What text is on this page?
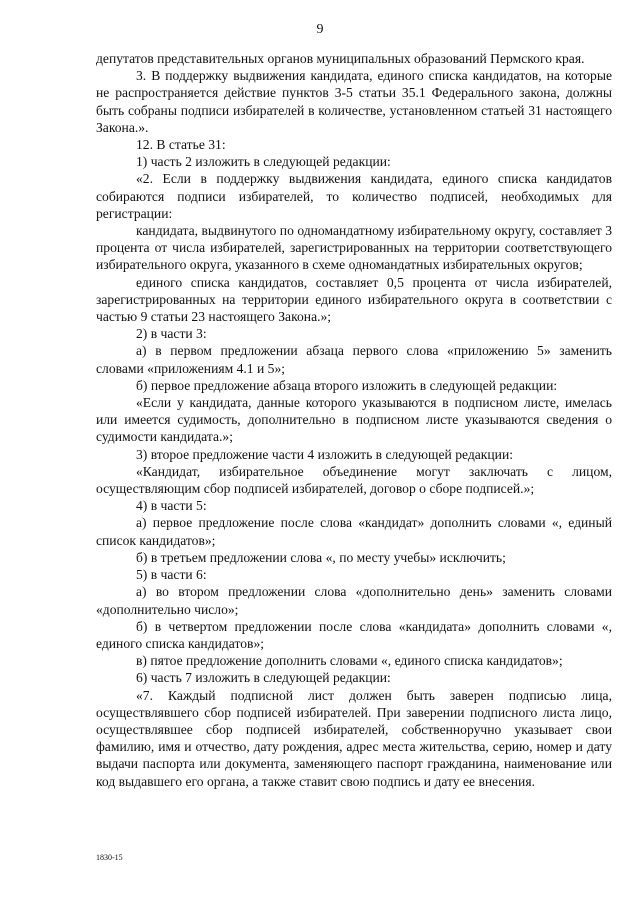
9

депутатов представительных органов муниципальных образований Пермского края.

3. В поддержку выдвижения кандидата, единого списка кандидатов, на которые не распространяется действие пунктов 3-5 статьи 35.1 Федерального закона, должны быть собраны подписи избирателей в количестве, установленном статьей 31 настоящего Закона.».

12. В статье 31:

1) часть 2 изложить в следующей редакции:

«2. Если в поддержку выдвижения кандидата, единого списка кандидатов собираются подписи избирателей, то количество подписей, необходимых для регистрации:

кандидата, выдвинутого по одномандатному избирательному округу, составляет 3 процента от числа избирателей, зарегистрированных на территории соответствующего избирательного округа, указанного в схеме одномандатных избирательных округов;

единого списка кандидатов, составляет 0,5 процента от числа избирателей, зарегистрированных на территории единого избирательного округа в соответствии с частью 9 статьи 23 настоящего Закона.»;

2) в части 3:

а) в первом предложении абзаца первого слова «приложению 5» заменить словами «приложениям 4.1 и 5»;

б) первое предложение абзаца второго изложить в следующей редакции:

«Если у кандидата, данные которого указываются в подписном листе, имелась или имеется судимость, дополнительно в подписном листе указываются сведения о судимости кандидата.»;

3) второе предложение части 4 изложить в следующей редакции:

«Кандидат, избирательное объединение могут заключать с лицом, осуществляющим сбор подписей избирателей, договор о сборе подписей.»;

4) в части 5:

а) первое предложение после слова «кандидат» дополнить словами «, единый список кандидатов»;

б) в третьем предложении слова «, по месту учебы» исключить;

5) в части 6:

а) во втором предложении слова «дополнительно день» заменить словами «дополнительно число»;

б) в четвертом предложении после слова «кандидата» дополнить словами «, единого списка кандидатов»;

в) пятое предложение дополнить словами «, единого списка кандидатов»;

6) часть 7 изложить в следующей редакции:

«7. Каждый подписной лист должен быть заверен подписью лица, осуществлявшего сбор подписей избирателей. При заверении подписного листа лицо, осуществлявшее сбор подписей избирателей, собственноручно указывает свои фамилию, имя и отчество, дату рождения, адрес места жительства, серию, номер и дату выдачи паспорта или документа, заменяющего паспорт гражданина, наименование или код выдавшего его органа, а также ставит свою подпись и дату ее внесения.

1830-15
